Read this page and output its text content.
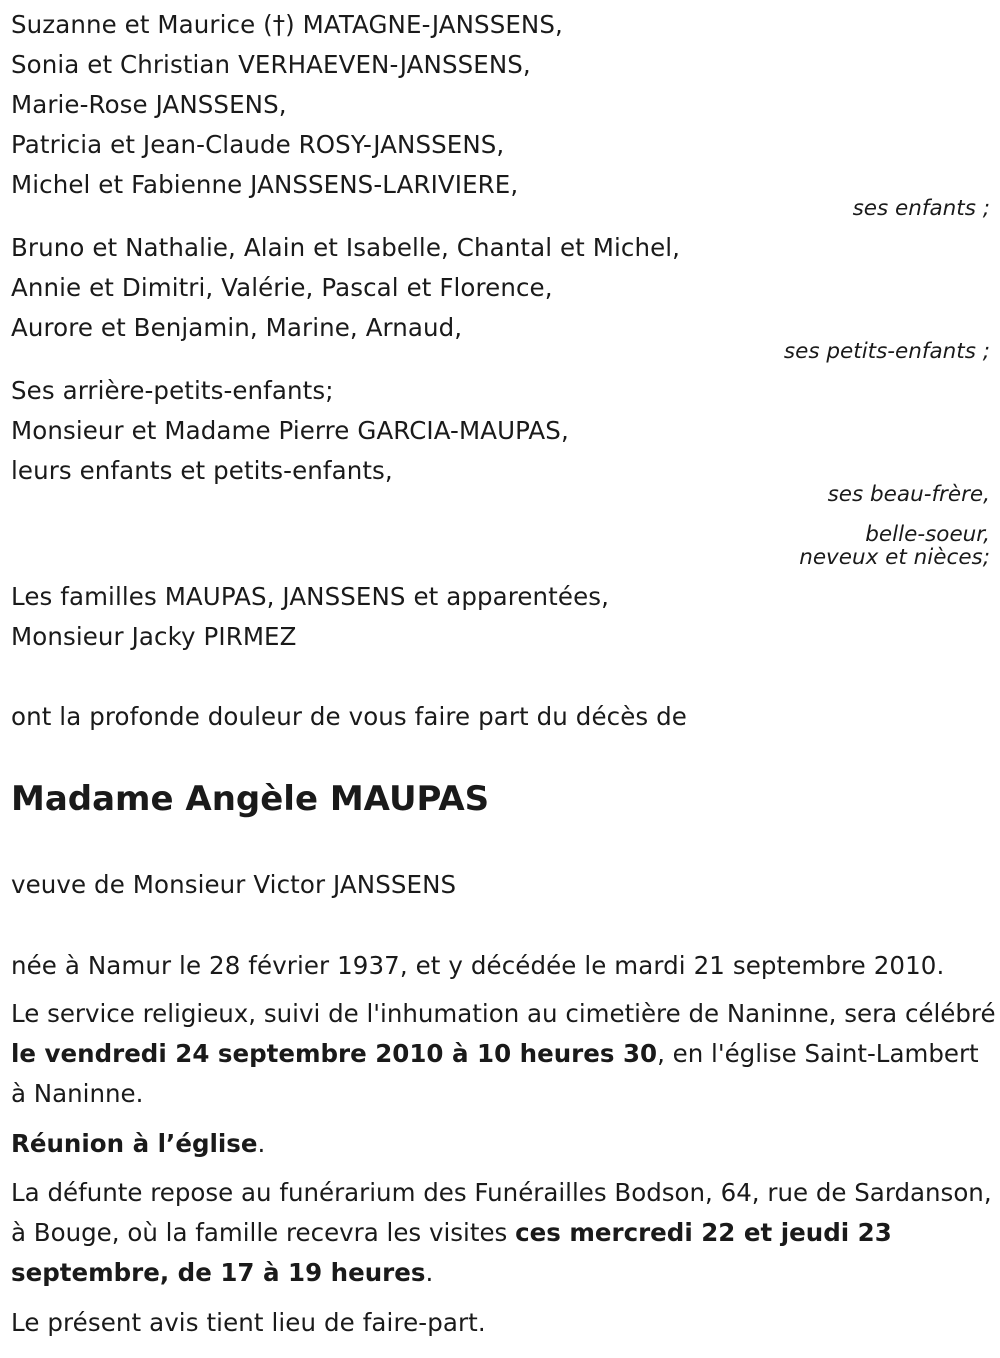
Suzanne et Maurice (†) MATAGNE-JANSSENS,
Sonia et Christian VERHAEVEN-JANSSENS,
Marie-Rose JANSSENS,
Patricia et Jean-Claude ROSY-JANSSENS,
Michel et Fabienne JANSSENS-LARIVIERE,
ses enfants ;
Bruno et Nathalie, Alain et Isabelle, Chantal et Michel,
Annie et Dimitri, Valérie, Pascal et Florence,
Aurore et Benjamin, Marine, Arnaud,
ses petits-enfants ;
Ses arrière-petits-enfants;
Monsieur et Madame Pierre GARCIA-MAUPAS,
leurs enfants et petits-enfants,
ses beau-frère,
belle-soeur,
neveux et nièces;
Les familles MAUPAS, JANSSENS et apparentées,
Monsieur Jacky PIRMEZ
ont la profonde douleur de vous faire part du décès de
Madame Angèle MAUPAS
veuve de Monsieur Victor JANSSENS
née à Namur le 28 février 1937, et y décédée le mardi 21 septembre 2010.
Le service religieux, suivi de l'inhumation au cimetière de Naninne, sera célébré le vendredi 24 septembre 2010 à 10 heures 30, en l'église Saint-Lambert à Naninne.
Réunion à l’église.
La défunte repose au funérarium des Funérailles Bodson, 64, rue de Sardanson, à Bouge, où la famille recevra les visites ces mercredi 22 et jeudi 23 septembre, de 17 à 19 heures.
Le présent avis tient lieu de faire-part.
